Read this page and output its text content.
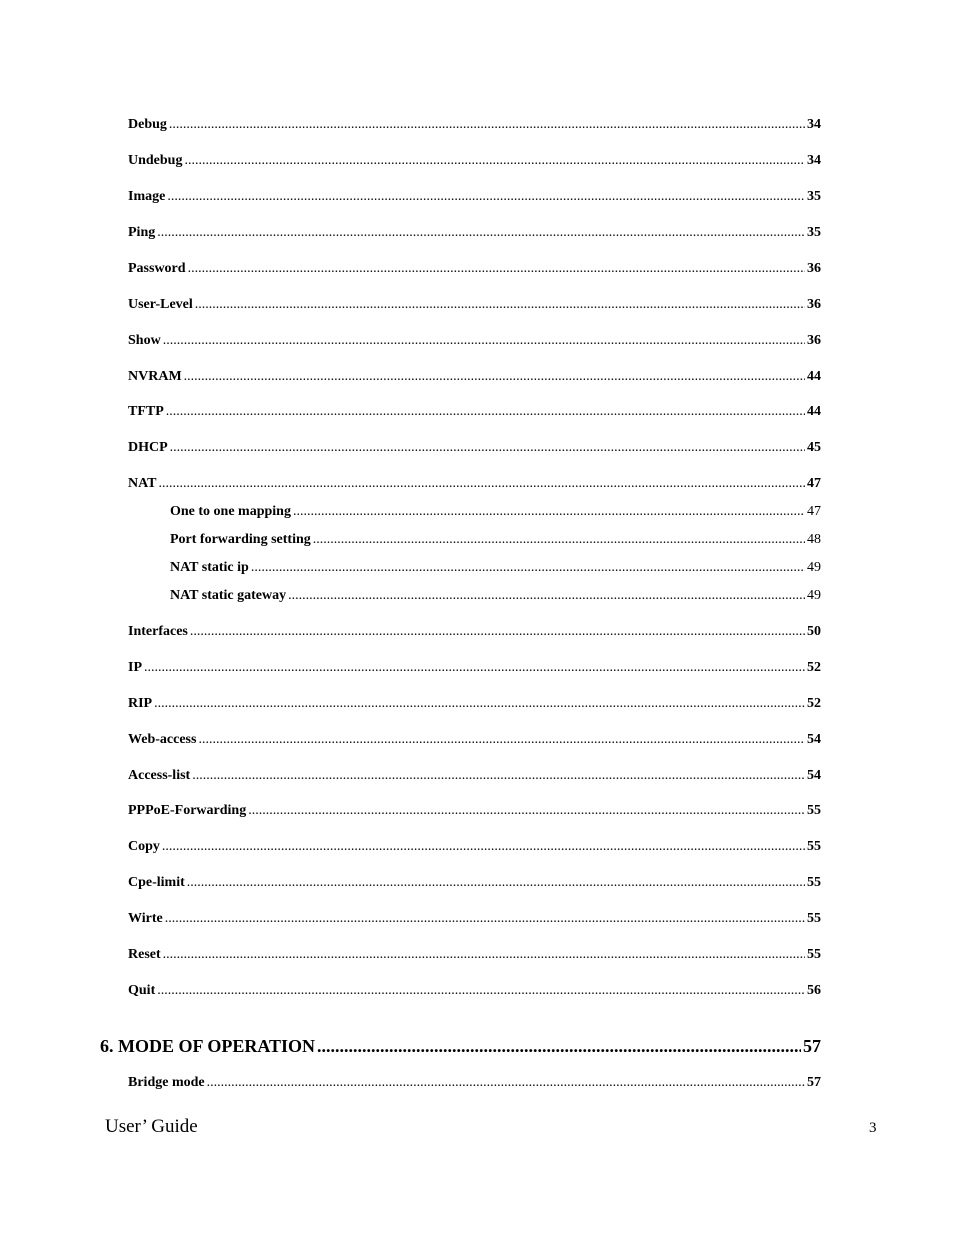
Debug .....	34
Undebug .....	34
Image .....	35
Ping .....	35
Password .....	36
User-Level .....	36
Show .....	36
NVRAM .....	44
TFTP .....	44
DHCP .....	45
NAT .....	47
One to one mapping .....	47
Port forwarding setting .....	48
NAT static ip .....	49
NAT static gateway .....	49
Interfaces .....	50
IP .....	52
RIP .....	52
Web-access .....	54
Access-list .....	54
PPPoE-Forwarding .....	55
Copy .....	55
Cpe-limit .....	55
Wirte .....	55
Reset .....	55
Quit .....	56
6. MODE OF OPERATION .....	57
Bridge mode .....	57
User’ Guide	3
